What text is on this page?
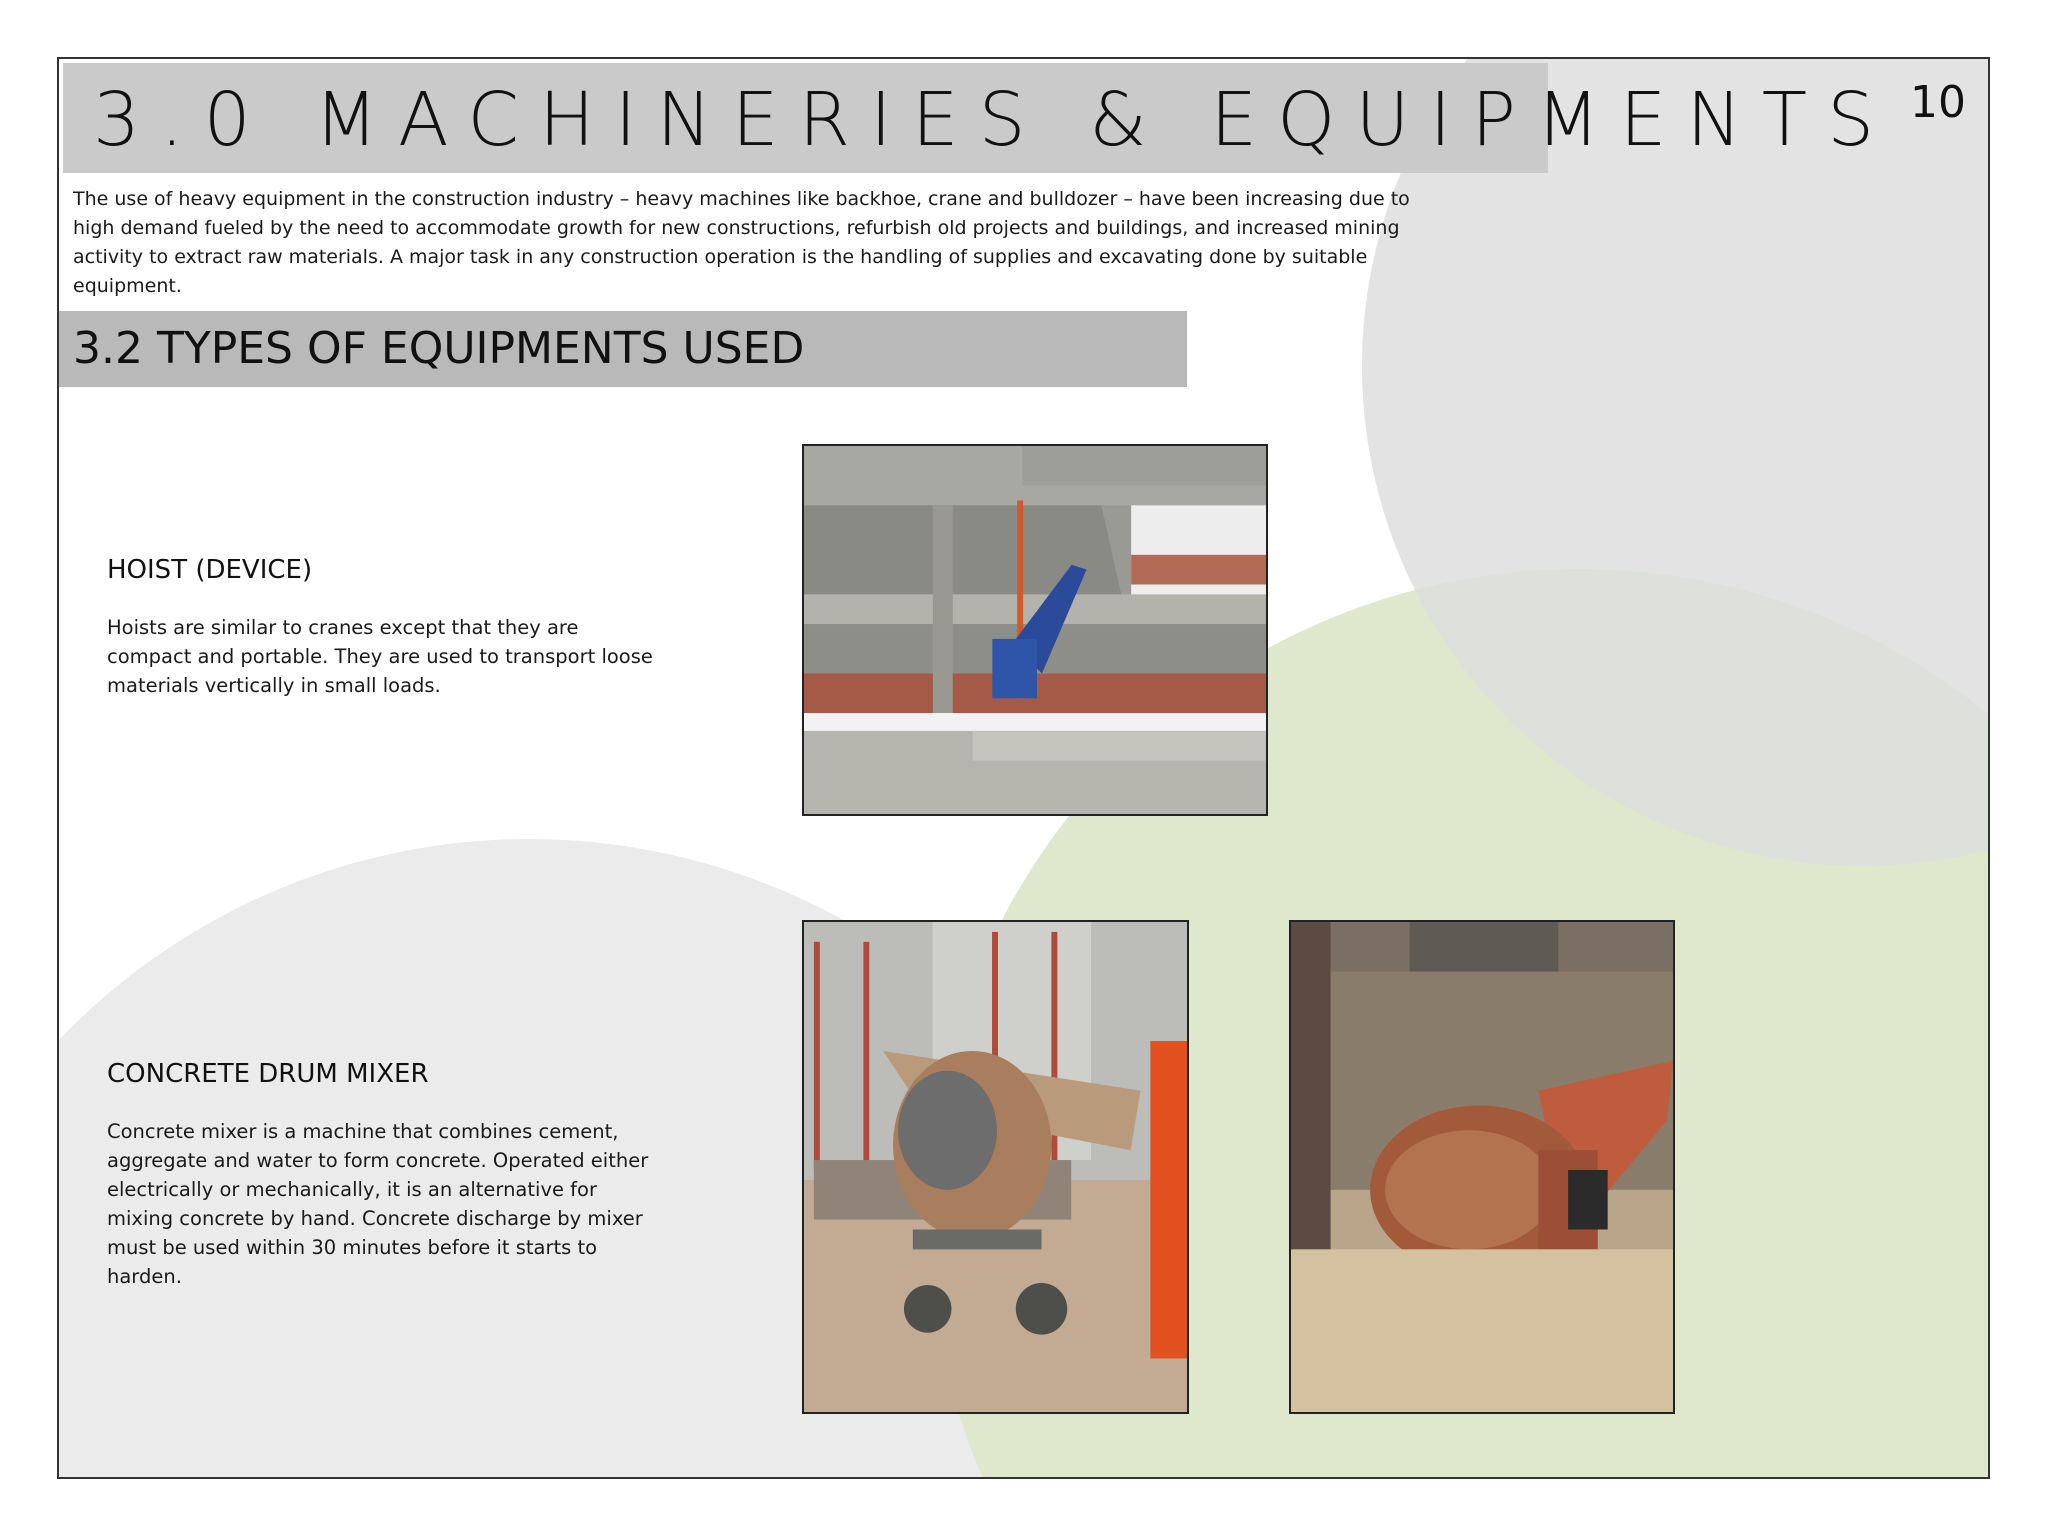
3.0 MACHINERIES & EQUIPMENTS 10
The use of heavy equipment in the construction industry – heavy machines like backhoe, crane and bulldozer – have been increasing due to high demand fueled by the need to accommodate growth for new constructions, refurbish old projects and buildings, and increased mining activity to extract raw materials. A major task in any construction operation is the handling of supplies and excavating done by suitable equipment.
3.2 TYPES OF EQUIPMENTS USED
HOIST (DEVICE)
Hoists are similar to cranes except that they are compact and portable. They are used to transport loose materials vertically in small loads.
CONCRETE DRUM MIXER
Concrete mixer is a machine that combines cement, aggregate and water to form concrete. Operated either electrically or mechanically, it is an alternative for mixing concrete by hand. Concrete discharge by mixer must be used within 30 minutes before it starts to harden.
